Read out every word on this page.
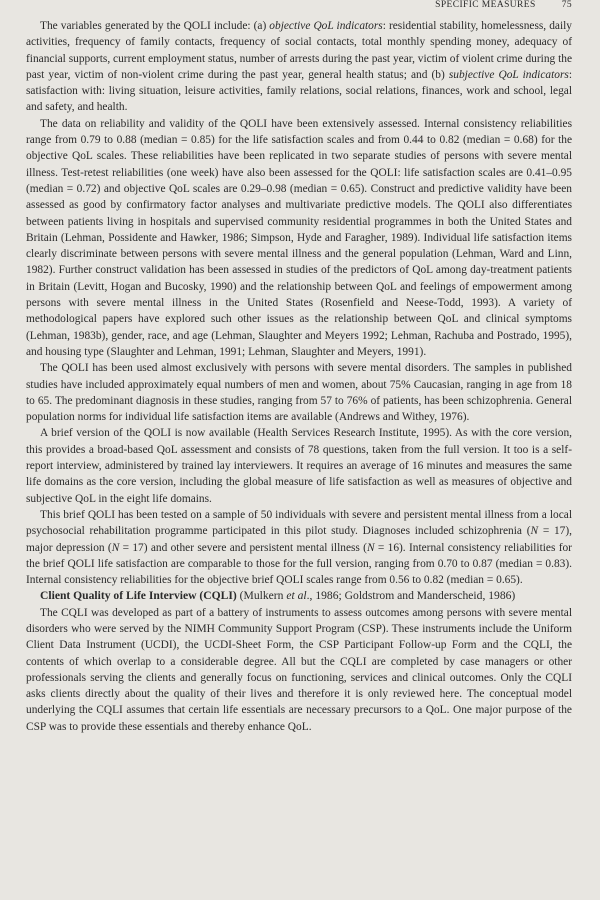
SPECIFIC MEASURES	75

The variables generated by the QOLI include: (a) objective QoL indicators: residential stability, homelessness, daily activities, frequency of family contacts, frequency of social contacts, total monthly spending money, adequacy of financial supports, current employment status, number of arrests during the past year, victim of violent crime during the past year, victim of non-violent crime during the past year, general health status; and (b) subjective QoL indicators: satisfaction with: living situation, leisure activities, family relations, social relations, finances, work and school, legal and safety, and health.

The data on reliability and validity of the QOLI have been extensively assessed. Internal consistency reliabilities range from 0.79 to 0.88 (median = 0.85) for the life satisfaction scales and from 0.44 to 0.82 (median = 0.68) for the objective QoL scales. These reliabilities have been replicated in two separate studies of persons with severe mental illness. Test-retest reliabilities (one week) have also been assessed for the QOLI: life satisfaction scales are 0.41–0.95 (median = 0.72) and objective QoL scales are 0.29–0.98 (median = 0.65). Construct and predictive validity have been assessed as good by confirmatory factor analyses and multivariate predictive models. The QOLI also differentiates between patients living in hospitals and supervised community residential programmes in both the United States and Britain (Lehman, Possidente and Hawker, 1986; Simpson, Hyde and Faragher, 1989). Individual life satisfaction items clearly discriminate between persons with severe mental illness and the general population (Lehman, Ward and Linn, 1982). Further construct validation has been assessed in studies of the predictors of QoL among day-treatment patients in Britain (Levitt, Hogan and Bucosky, 1990) and the relationship between QoL and feelings of empowerment among persons with severe mental illness in the United States (Rosenfield and Neese-Todd, 1993). A variety of methodological papers have explored such other issues as the relationship between QoL and clinical symptoms (Lehman, 1983b), gender, race, and age (Lehman, Slaughter and Meyers 1992; Lehman, Rachuba and Postrado, 1995), and housing type (Slaughter and Lehman, 1991; Lehman, Slaughter and Meyers, 1991).

The QOLI has been used almost exclusively with persons with severe mental disorders. The samples in published studies have included approximately equal numbers of men and women, about 75% Caucasian, ranging in age from 18 to 65. The predominant diagnosis in these studies, ranging from 57 to 76% of patients, has been schizophrenia. General population norms for individual life satisfaction items are available (Andrews and Withey, 1976).

A brief version of the QOLI is now available (Health Services Research Institute, 1995). As with the core version, this provides a broad-based QoL assessment and consists of 78 questions, taken from the full version. It too is a self-report interview, administered by trained lay interviewers. It requires an average of 16 minutes and measures the same life domains as the core version, including the global measure of life satisfaction as well as measures of objective and subjective QoL in the eight life domains.

This brief QOLI has been tested on a sample of 50 individuals with severe and persistent mental illness from a local psychosocial rehabilitation programme participated in this pilot study. Diagnoses included schizophrenia (N = 17), major depression (N = 17) and other severe and persistent mental illness (N = 16). Internal consistency reliabilities for the brief QOLI life satisfaction are comparable to those for the full version, ranging from 0.70 to 0.87 (median = 0.83). Internal consistency reliabilities for the objective brief QOLI scales range from 0.56 to 0.82 (median = 0.65).

Client Quality of Life Interview (CQLI) (Mulkern et al., 1986; Goldstrom and Manderscheid, 1986)

The CQLI was developed as part of a battery of instruments to assess outcomes among persons with severe mental disorders who were served by the NIMH Community Support Program (CSP). These instruments include the Uniform Client Data Instrument (UCDI), the UCDI-Sheet Form, the CSP Participant Follow-up Form and the CQLI, the contents of which overlap to a considerable degree. All but the CQLI are completed by case managers or other professionals serving the clients and generally focus on functioning, services and clinical outcomes. Only the CQLI asks clients directly about the quality of their lives and therefore it is only reviewed here. The conceptual model underlying the CQLI assumes that certain life essentials are necessary precursors to a QoL. One major purpose of the CSP was to provide these essentials and thereby enhance QoL.
